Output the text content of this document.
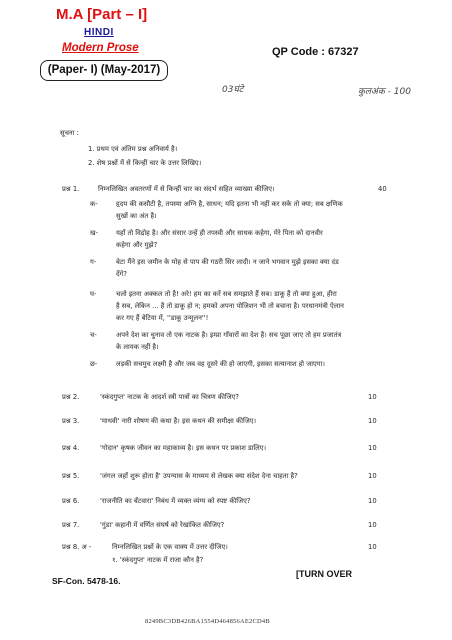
M.A [Part – I]
HINDI
Modern Prose
(Paper- I) (May-2017)
QP Code : 67327
03घंटे	कुलअंक - 100
सूचना :
1. प्रथम एवं अंतिम प्रश्न अनिवार्य है।
2. शेष प्रश्नों में से किन्हीं चार के उत्तर लिखिए।
प्रश्न 1.	निम्नलिखित अवतरणों में से किन्हीं चार का संदर्भ सहित व्याख्या कीजिए।	40
क-	हृदय की कसौटी है, तपस्या अग्नि है, साधन; यदि इतना भी नहीं कर सके तो क्या; सब क्षणिक
सुखों का अंत है।
ख-	यहाँ तो विद्रोह है। और संसार उन्हें ही तपस्वी और साधक कहेगा, मेरे पिता को दानवीर
कहेगा और मुझे?
ग-	बेटा मैंने इस जमीन के मोह से पाप की गठरी सिर लादी। न जाने भगवान मुझे इसका क्या दंड
देंगे?
घ-	चलो इतना अक्कल तो है! अरे! हम का करें सब समझाते हैं सब। डाकू हैं तो क्या हुआ, हीरा
है सब, लेकिन ... है तो डाकू हो न; हमको अपना पोजिशन भी तो बचाना है। परधानमंत्री ऐलान
कर गए हैं बेटिया में, ''डाकू उन्मूलन''!
च-	अपने देश का चुनाव तो एक नाटक है। इम्प्रा गाँवारों का देश है। सच पूछा जाए तो हम प्रजातंत्र
के लायक नहीं है।
छ-	लड़की सचमुच लक्ष्मी है और जब वह दूसरे की हो जाएगी, इसका सत्यानाश हो जाएगा।
प्रश्न 2.	'स्कंदगुप्त' नाटक के आदर्श स्त्री पात्रों का चित्रण कीजिए?	10
प्रश्न 3.	'माधवी' नारी शोषण की कथा है। इस कथन की समीक्षा कीजिए।	10
प्रश्न 4.	'गोदान' कृषक जीवन का महाकाव्य है। इस कथन पर प्रकाश डालिए।	10
प्रश्न 5.	'जंगल जहाँ शुरू होता है' उपन्यास के माध्यम से लेखक क्या संदेश देना चाहता है?	10
प्रश्न 6.	'राजनीति का बँटवारा' निबंध में व्यक्त व्यंग्य को स्पष्ट कीजिए?	10
प्रश्न 7.	'गुंडा' कहानी में वर्णित संघर्ष को रेखांकित कीजिए?	10
प्रश्न 8. अ -	निम्नलिखित प्रश्नों के एक वाक्य में उत्तर दीजिए।	10
१. 'स्कंदगुप्त' नाटक में राजा कौन है?
SF-Con. 5478-16.
[TURN OVER
8249BC3DB426BA1554D464856AE2CD4B
